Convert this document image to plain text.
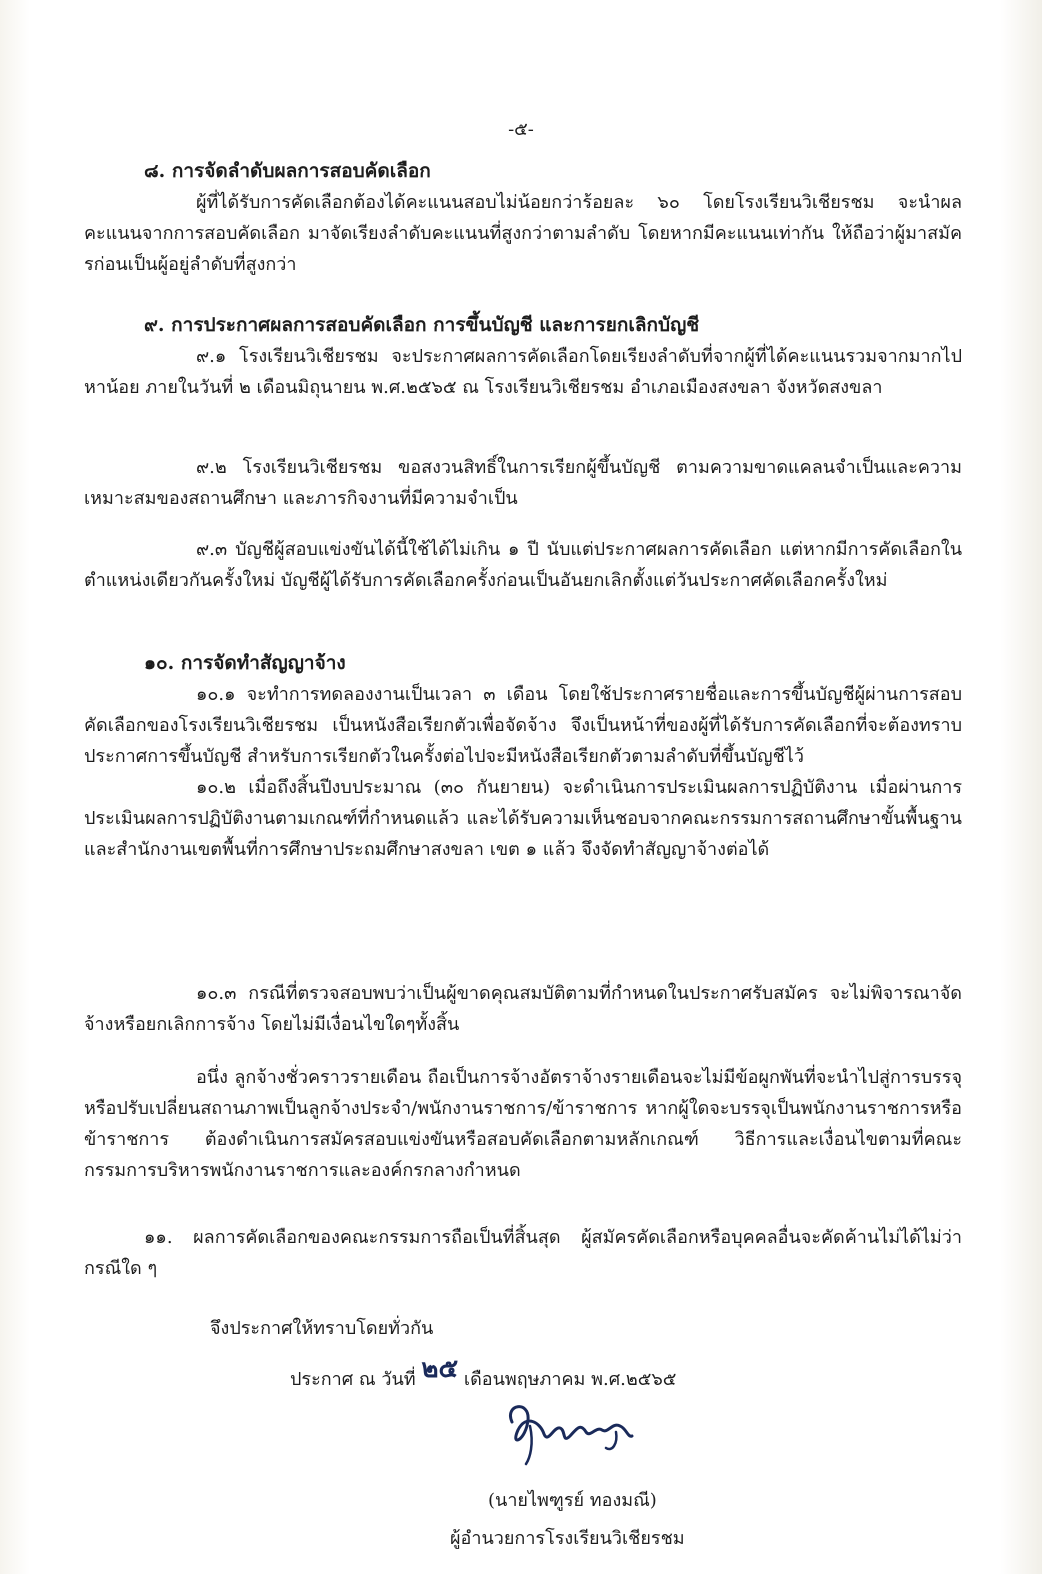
-๕-

๘. การจัดลำดับผลการสอบคัดเลือก

ผู้ที่ได้รับการคัดเลือกต้องได้คะแนนสอบไม่น้อยกว่าร้อยละ ๖๐ โดยโรงเรียนวิเชียรชม จะนำผลคะแนนจากการสอบคัดเลือก มาจัดเรียงลำดับคะแนนที่สูงกว่าตามลำดับ โดยหากมีคะแนนเท่ากัน ให้ถือว่าผู้มาสมัครก่อนเป็นผู้อยู่ลำดับที่สูงกว่า

๙. การประกาศผลการสอบคัดเลือก การขึ้นบัญชี และการยกเลิกบัญชี

๙.๑ โรงเรียนวิเชียรชม จะประกาศผลการคัดเลือกโดยเรียงลำดับที่จากผู้ที่ได้คะแนนรวมจากมากไปหาน้อย ภายในวันที่ ๒ เดือนมิถุนายน พ.ศ.๒๕๖๕ ณ โรงเรียนวิเชียรชม อำเภอเมืองสงขลา จังหวัดสงขลา

๙.๒ โรงเรียนวิเชียรชม ขอสงวนสิทธิ์ในการเรียกผู้ขึ้นบัญชี ตามความขาดแคลนจำเป็นและความเหมาะสมของสถานศึกษา และภารกิจงานที่มีความจำเป็น

๙.๓ บัญชีผู้สอบแข่งขันได้นี้ใช้ได้ไม่เกิน ๑ ปี นับแต่ประกาศผลการคัดเลือก แต่หากมีการคัดเลือกในตำแหน่งเดียวกันครั้งใหม่ บัญชีผู้ได้รับการคัดเลือกครั้งก่อนเป็นอันยกเลิกตั้งแต่วันประกาศคัดเลือกครั้งใหม่

๑๐. การจัดทำสัญญาจ้าง

๑๐.๑ จะทำการทดลองงานเป็นเวลา ๓ เดือน โดยใช้ประกาศรายชื่อและการขึ้นบัญชีผู้ผ่านการสอบคัดเลือกของโรงเรียนวิเชียรชม เป็นหนังสือเรียกตัวเพื่อจัดจ้าง จึงเป็นหน้าที่ของผู้ที่ได้รับการคัดเลือกที่จะต้องทราบประกาศการขึ้นบัญชี สำหรับการเรียกตัวในครั้งต่อไปจะมีหนังสือเรียกตัวตามลำดับที่ขึ้นบัญชีไว้

๑๐.๒ เมื่อถึงสิ้นปีงบประมาณ (๓๐ กันยายน) จะดำเนินการประเมินผลการปฏิบัติงาน เมื่อผ่านการประเมินผลการปฏิบัติงานตามเกณฑ์ที่กำหนดแล้ว และได้รับความเห็นชอบจากคณะกรรมการสถานศึกษาขั้นพื้นฐานและสำนักงานเขตพื้นที่การศึกษาประถมศึกษาสงขลา เขต ๑ แล้ว จึงจัดทำสัญญาจ้างต่อได้

๑๐.๓ กรณีที่ตรวจสอบพบว่าเป็นผู้ขาดคุณสมบัติตามที่กำหนดในประกาศรับสมัคร จะไม่พิจารณาจัดจ้างหรือยกเลิกการจ้าง โดยไม่มีเงื่อนไขใดๆทั้งสิ้น

อนึ่ง ลูกจ้างชั่วคราวรายเดือน ถือเป็นการจ้างอัตราจ้างรายเดือนจะไม่มีข้อผูกพันที่จะนำไปสู่การบรรจุ หรือปรับเปลี่ยนสถานภาพเป็นลูกจ้างประจำ/พนักงานราชการ/ข้าราชการ หากผู้ใดจะบรรจุเป็นพนักงานราชการหรือข้าราชการ ต้องดำเนินการสมัครสอบแข่งขันหรือสอบคัดเลือกตามหลักเกณฑ์ วิธีการและเงื่อนไขตามที่คณะกรรมการบริหารพนักงานราชการและองค์กรกลางกำหนด

๑๑. ผลการคัดเลือกของคณะกรรมการถือเป็นที่สิ้นสุด ผู้สมัครคัดเลือกหรือบุคคลอื่นจะคัดค้านไม่ได้ไม่ว่ากรณีใด ๆ

จึงประกาศให้ทราบโดยทั่วกัน
ประกาศ ณ วันที่ ๒๕ เดือนพฤษภาคม พ.ศ.๒๕๖๕
(นายไพฑูรย์ ทองมณี)
ผู้อำนวยการโรงเรียนวิเชียรชม
